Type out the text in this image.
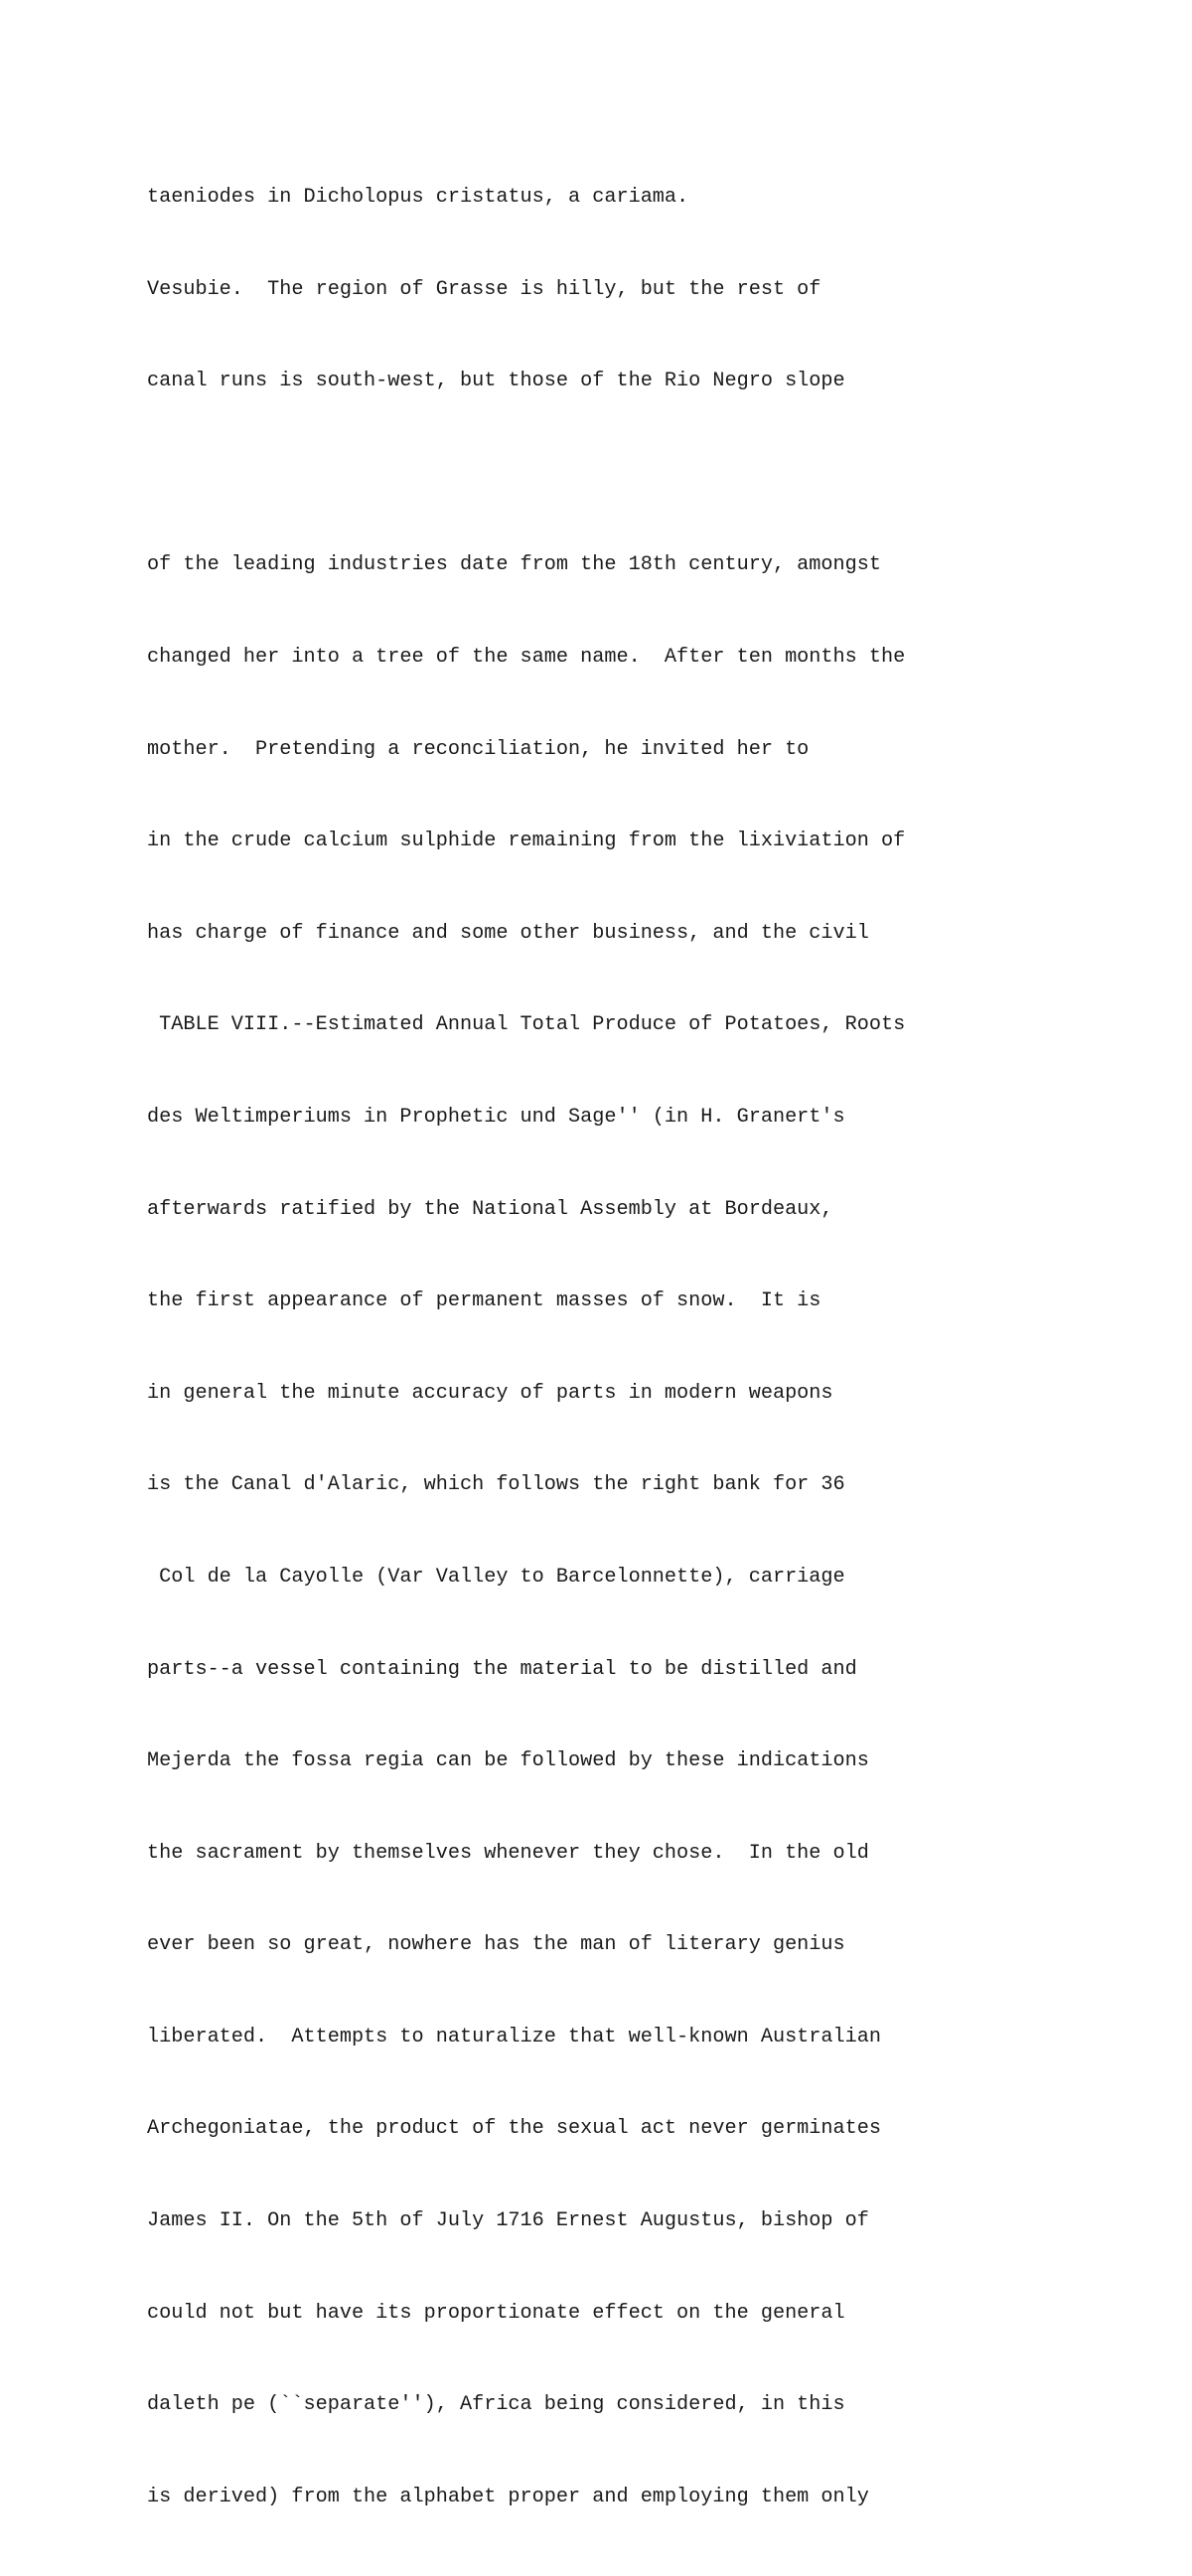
taeniodes in Dicholopus cristatus, a cariama.

Vesubie.  The region of Grasse is hilly, but the rest of

canal runs is south-west, but those of the Rio Negro slope

of the leading industries date from the 18th century, amongst

changed her into a tree of the same name.  After ten months the

mother.  Pretending a reconciliation, he invited her to

in the crude calcium sulphide remaining from the lixiviation of

has charge of finance and some other business, and the civil

TABLE VIII.--Estimated Annual Total Produce of Potatoes, Roots

des Weltimperiums in Prophetic und Sage'' (in H. Granert's

afterwards ratified by the National Assembly at Bordeaux,

the first appearance of permanent masses of snow.  It is

in general the minute accuracy of parts in modern weapons

is the Canal d'Alaric, which follows the right bank for 36

Col de la Cayolle (Var Valley to Barcelonnette), carriage

parts--a vessel containing the material to be distilled and

Mejerda the fossa regia can be followed by these indications

the sacrament by themselves whenever they chose.  In the old

ever been so great, nowhere has the man of literary genius

liberated.  Attempts to naturalize that well-known Australian

Archegoniatae, the product of the sexual act never germinates

James II. On the 5th of July 1716 Ernest Augustus, bishop of

could not but have its proportionate effect on the general

daleth pe (``separate''), Africa being considered, in this

is derived) from the alphabet proper and employing them only
